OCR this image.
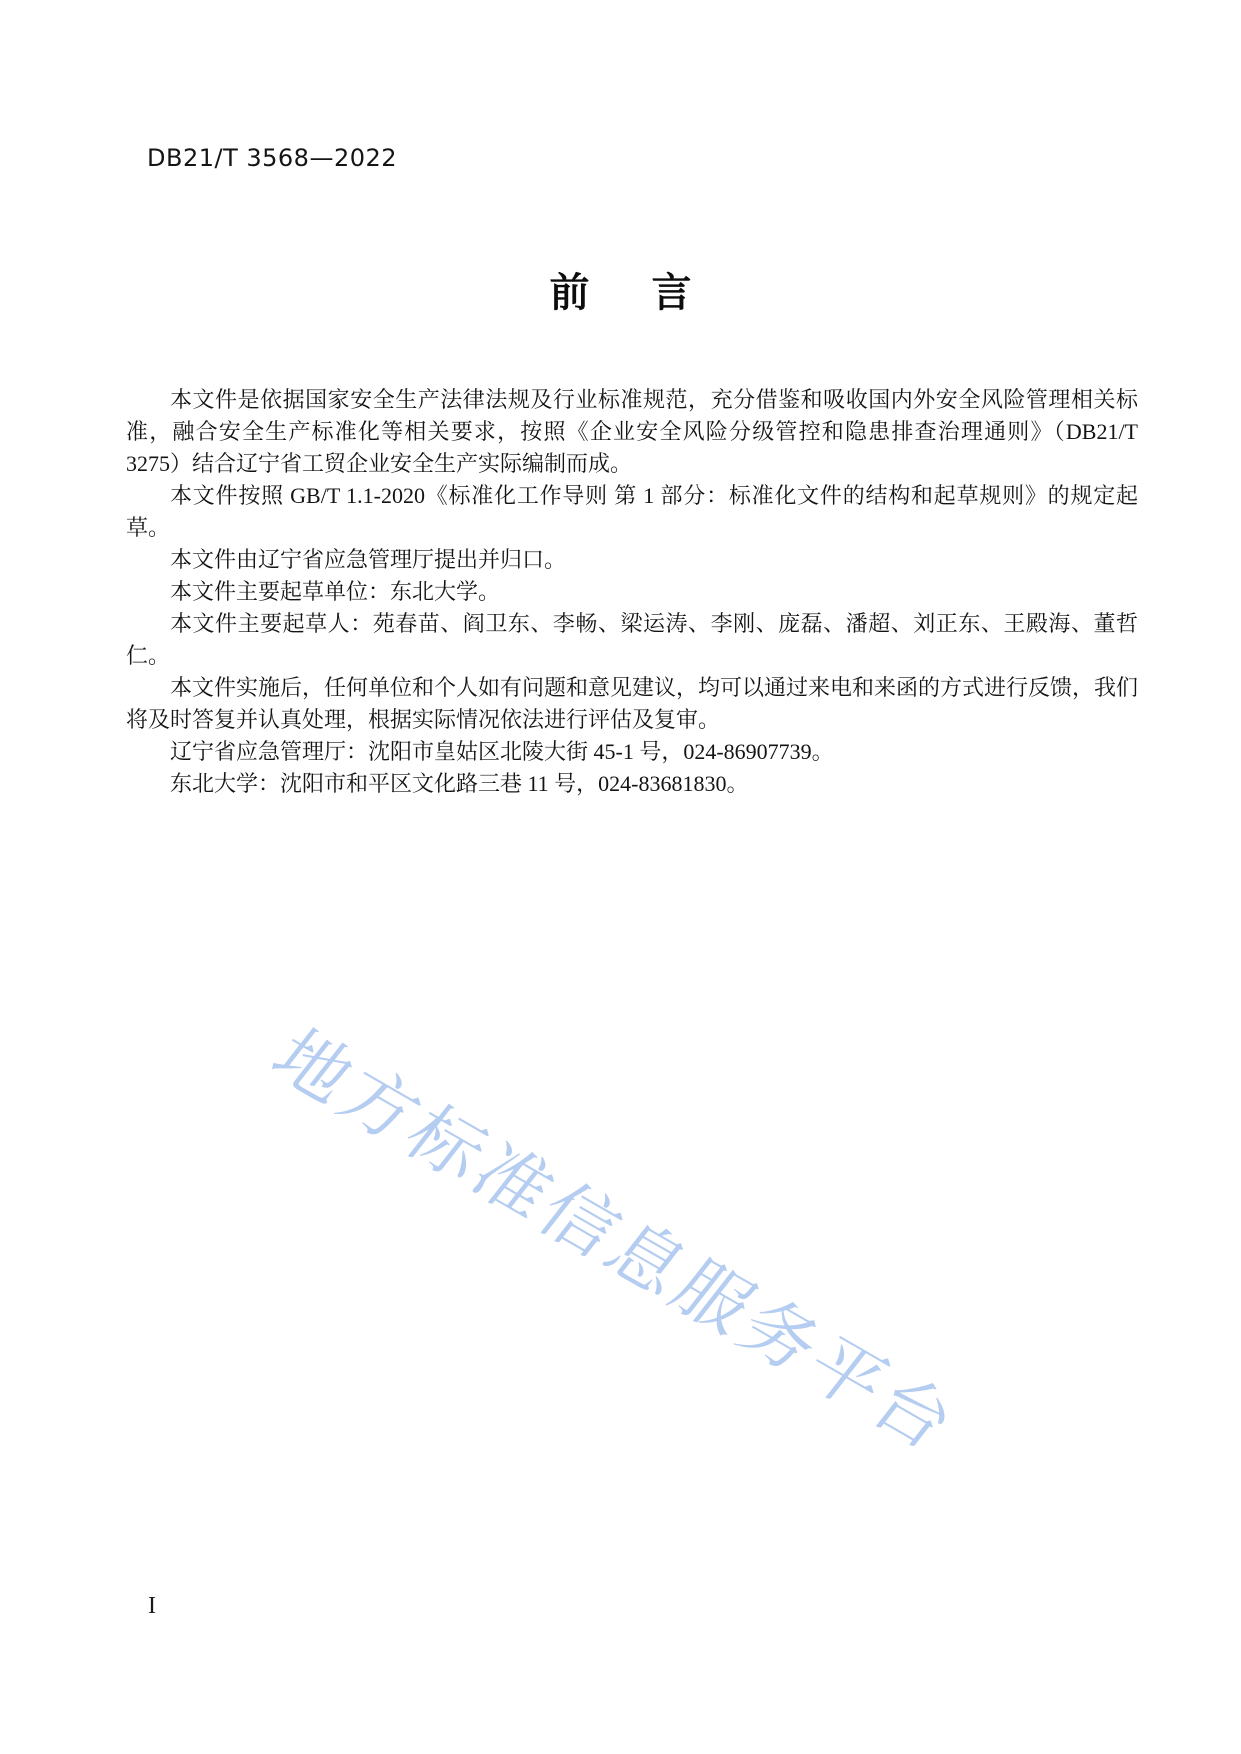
DB21/T 3568—2022
前 言

本文件是依据国家安全生产法律法规及行业标准规范，充分借鉴和吸收国内外安全风险管理相关标准，融合安全生产标准化等相关要求，按照《企业安全风险分级管控和隐患排查治理通则》（DB21/T 3275）结合辽宁省工贸企业安全生产实际编制而成。

本文件按照 GB/T 1.1-2020《标准化工作导则 第 1 部分：标准化文件的结构和起草规则》的规定起草。

本文件由辽宁省应急管理厅提出并归口。

本文件主要起草单位：东北大学。

本文件主要起草人：苑春苗、阎卫东、李畅、梁运涛、李刚、庞磊、潘超、刘正东、王殿海、董哲仁。

本文件实施后，任何单位和个人如有问题和意见建议，均可以通过来电和来函的方式进行反馈，我们将及时答复并认真处理，根据实际情况依法进行评估及复审。

辽宁省应急管理厅：沈阳市皇姑区北陵大街 45-1 号，024-86907739。

东北大学：沈阳市和平区文化路三巷 11 号，024-83681830。

地方标准信息服务平台
I
